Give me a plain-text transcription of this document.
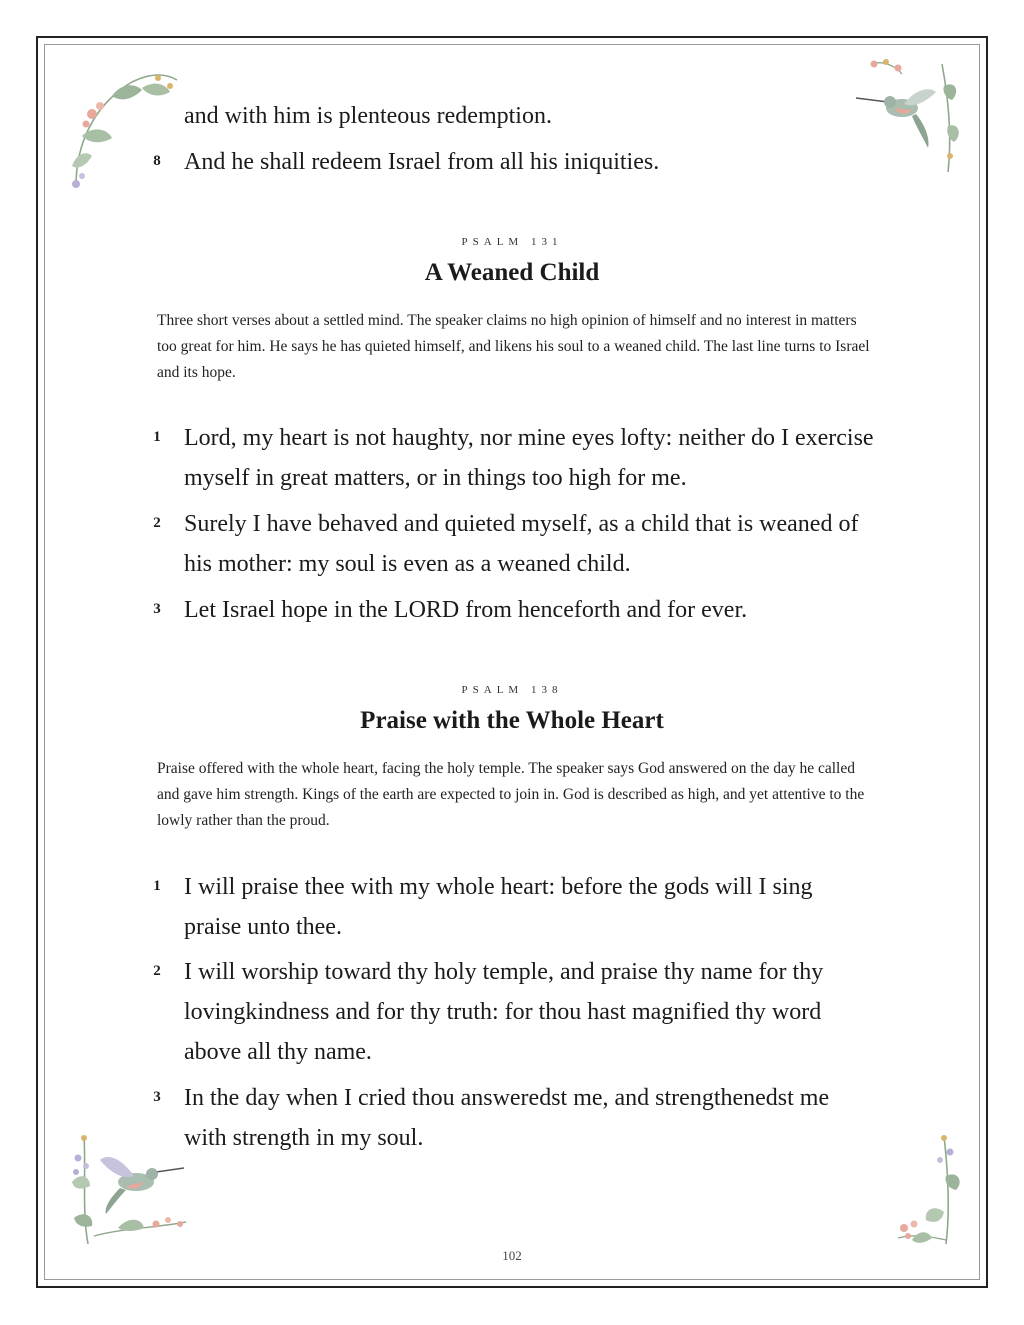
and with him is plenteous redemption.

8 And he shall redeem Israel from all his iniquities.

PSALM 131
A Weaned Child

Three short verses about a settled mind. The speaker claims no high opinion of himself and no interest in matters too great for him. He says he has quieted himself, and likens his soul to a weaned child. The last line turns to Israel and its hope.

1 Lord, my heart is not haughty, nor mine eyes lofty: neither do I exercise myself in great matters, or in things too high for me.

2 Surely I have behaved and quieted myself, as a child that is weaned of his mother: my soul is even as a weaned child.

3 Let Israel hope in the LORD from henceforth and for ever.

PSALM 138
Praise with the Whole Heart

Praise offered with the whole heart, facing the holy temple. The speaker says God answered on the day he called and gave him strength. Kings of the earth are expected to join in. God is described as high, and yet attentive to the lowly rather than the proud.

1 I will praise thee with my whole heart: before the gods will I sing praise unto thee.

2 I will worship toward thy holy temple, and praise thy name for thy lovingkindness and for thy truth: for thou hast magnified thy word above all thy name.

3 In the day when I cried thou answeredst me, and strengthenedst me with strength in my soul.

102
